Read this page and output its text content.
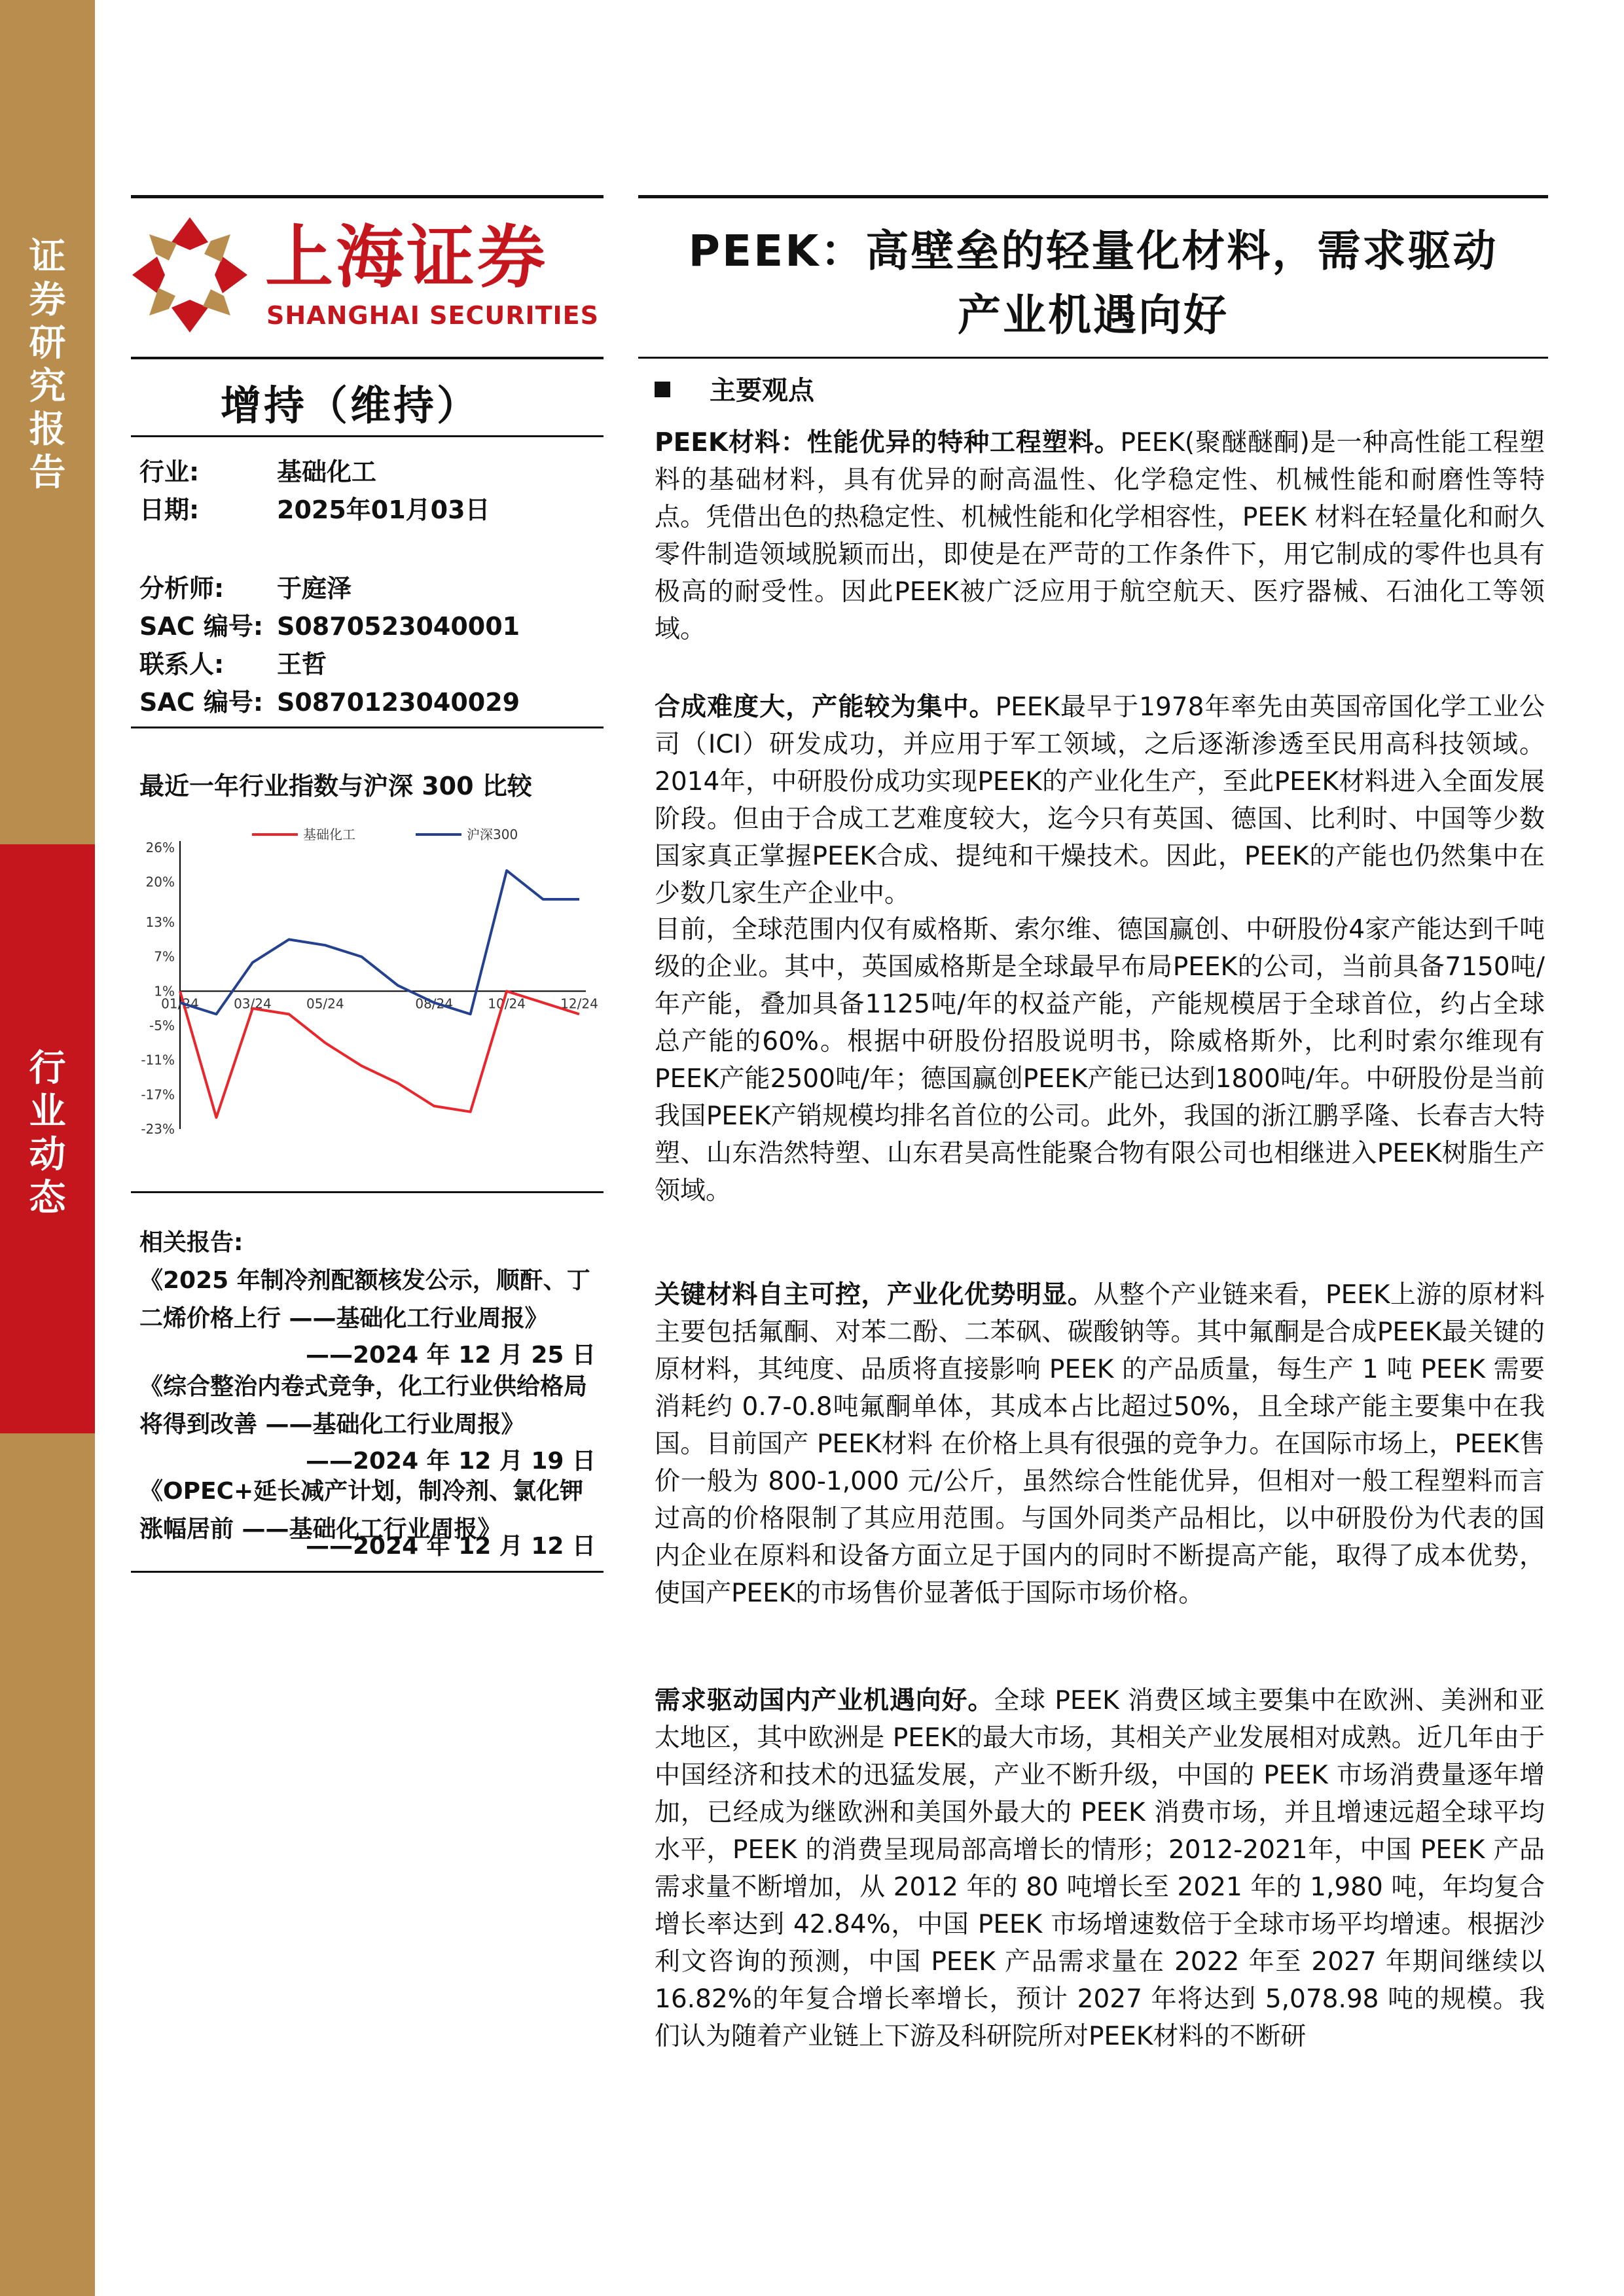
证
券
研
究
报
告
行
业
动
态
上海证券
SHANGHAI SECURITIES
PEEK：高壁垒的轻量化材料，需求驱动
产业机遇向好
增持（维持）
行业:	基础化工
日期:	2025年01月03日
分析师: 于庭泽
SAC 编号: S0870523040001
联系人: 王哲
SAC 编号: S0870123040029
最近一年行业指数与沪深 300 比较
26%
20%
13%
7%
1%
-5%
-11%
-17%
-23%
01/24	03/24	05/24	08/24	10/24	12/24
基础化工	沪深300
相关报告:
《2025 年制冷剂配额核发公示，顺酐、丁二烯价格上行 ——基础化工行业周报》
——2024 年 12 月 25 日
《综合整治内卷式竞争，化工行业供给格局将得到改善 ——基础化工行业周报》
——2024 年 12 月 19 日
《OPEC+延长减产计划，制冷剂、氯化钾涨幅居前 ——基础化工行业周报》
——2024 年 12 月 12 日
主要观点
PEEK材料：性能优异的特种工程塑料。PEEK(聚醚醚酮)是一种高性能工程塑料的基础材料，具有优异的耐高温性、化学稳定性、机械性能和耐磨性等特点。凭借出色的热稳定性、机械性能和化学相容性，PEEK 材料在轻量化和耐久零件制造领域脱颖而出，即使是在严苛的工作条件下，用它制成的零件也具有极高的耐受性。因此PEEK被广泛应用于航空航天、医疗器械、石油化工等领域。
合成难度大，产能较为集中。PEEK最早于1978年率先由英国帝国化学工业公司（ICI）研发成功，并应用于军工领域，之后逐渐渗透至民用高科技领域。2014年，中研股份成功实现PEEK的产业化生产，至此PEEK材料进入全面发展阶段。但由于合成工艺难度较大，迄今只有英国、德国、比利时、中国等少数国家真正掌握PEEK合成、提纯和干燥技术。因此，PEEK的产能也仍然集中在少数几家生产企业中。
目前，全球范围内仅有威格斯、索尔维、德国赢创、中研股份4家产能达到千吨级的企业。其中，英国威格斯是全球最早布局PEEK的公司，当前具备7150吨/年产能，叠加具备1125吨/年的权益产能，产能规模居于全球首位，约占全球总产能的60%。根据中研股份招股说明书，除威格斯外，比利时索尔维现有PEEK产能2500吨/年；德国赢创PEEK产能已达到1800吨/年。中研股份是当前我国PEEK产销规模均排名首位的公司。此外，我国的浙江鹏孚隆、长春吉大特塑、山东浩然特塑、山东君昊高性能聚合物有限公司也相继进入PEEK树脂生产领域。
关键材料自主可控，产业化优势明显。从整个产业链来看，PEEK上游的原材料主要包括氟酮、对苯二酚、二苯砜、碳酸钠等。其中氟酮是合成PEEK最关键的原材料，其纯度、品质将直接影响 PEEK 的产品质量，每生产 1 吨 PEEK 需要消耗约 0.7-0.8吨氟酮单体，其成本占比超过50%，且全球产能主要集中在我国。目前国产 PEEK材料 在价格上具有很强的竞争力。在国际市场上，PEEK售价一般为 800-1,000 元/公斤，虽然综合性能优异，但相对一般工程塑料而言过高的价格限制了其应用范围。与国外同类产品相比，以中研股份为代表的国内企业在原料和设备方面立足于国内的同时不断提高产能，取得了成本优势，使国产PEEK的市场售价显著低于国际市场价格。
需求驱动国内产业机遇向好。全球 PEEK 消费区域主要集中在欧洲、美洲和亚太地区，其中欧洲是 PEEK的最大市场，其相关产业发展相对成熟。近几年由于中国经济和技术的迅猛发展，产业不断升级，中国的 PEEK 市场消费量逐年增加，已经成为继欧洲和美国外最大的 PEEK 消费市场，并且增速远超全球平均水平，PEEK 的消费呈现局部高增长的情形；2012-2021年，中国 PEEK 产品需求量不断增加，从 2012 年的 80 吨增长至 2021 年的 1,980 吨，年均复合增长率达到 42.84%，中国 PEEK 市场增速数倍于全球市场平均增速。根据沙利文咨询的预测，中国 PEEK 产品需求量在 2022 年至 2027 年期间继续以 16.82%的年复合增长率增长，预计 2027 年将达到 5,078.98 吨的规模。我们认为随着产业链上下游及科研院所对PEEK材料的不断研
